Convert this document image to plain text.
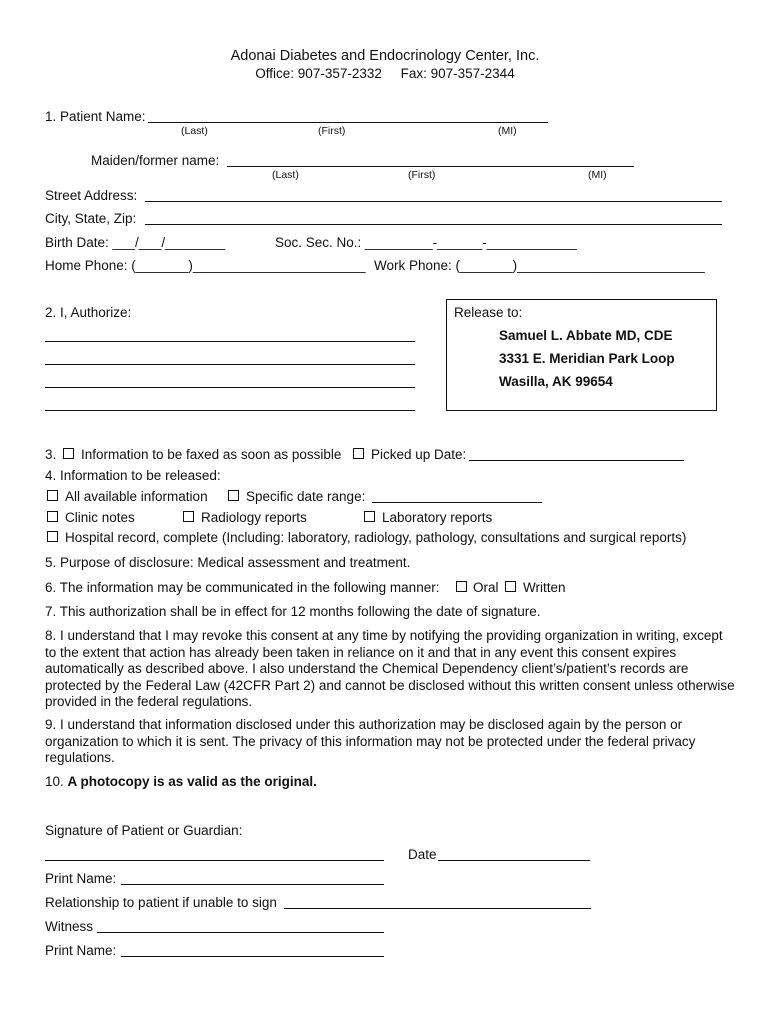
Adonai Diabetes and Endocrinology Center, Inc.
Office: 907-357-2332     Fax: 907-357-2344
1. Patient Name:
(Last)	(First)	(MI)
Maiden/former name:
(Last)	(First)	(MI)
Street Address:
City, State, Zip:
Birth Date: ___/___/________	Soc. Sec. No.: _________-______-____________
Home Phone: (_______)_______________________ Work Phone: (_______)_________________________
2. I, Authorize:	Release to:
Samuel L. Abbate MD, CDE
3331 E. Meridian Park Loop
Wasilla, AK 99654
3. Information to be faxed as soon as possible Picked up Date:
4. Information to be released:
All available information	Specific date range:
Clinic notes	Radiology reports	Laboratory reports
Hospital record, complete (Including: laboratory, radiology, pathology, consultations and surgical reports)
5. Purpose of disclosure: Medical assessment and treatment.
6. The information may be communicated in the following manner: Oral Written
7. This authorization shall be in effect for 12 months following the date of signature.
8. I understand that I may revoke this consent at any time by notifying the providing organization in writing, except to the extent that action has already been taken in reliance on it and that in any event this consent expires automatically as described above. I also understand the Chemical Dependency client’s/patient’s records are protected by the Federal Law (42CFR Part 2) and cannot be disclosed without this written consent unless otherwise provided in the federal regulations.
9. I understand that information disclosed under this authorization may be disclosed again by the person or organization to which it is sent. The privacy of this information may not be protected under the federal privacy regulations.
10. A photocopy is as valid as the original.
Signature of Patient or Guardian:
Date
Print Name:
Relationship to patient if unable to sign
Witness
Print Name:
